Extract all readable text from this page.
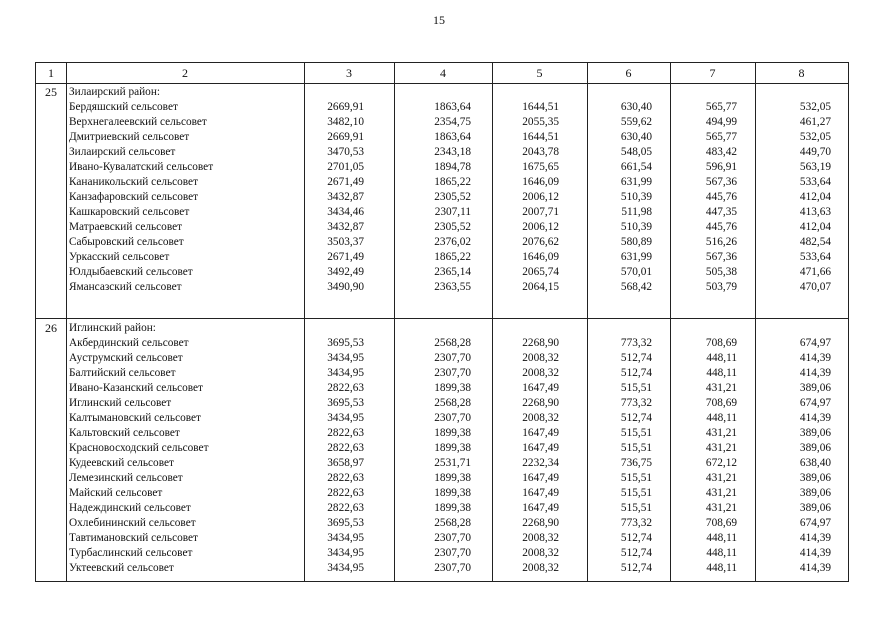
15
1	2	3	4	5	6	7	8
25	Зилаирский район:
Бердяшский сельсовет	2669,91	1863,64	1644,51	630,40	565,77	532,05
Верхнегалеевский сельсовет	3482,10	2354,75	2055,35	559,62	494,99	461,27
Дмитриевский сельсовет	2669,91	1863,64	1644,51	630,40	565,77	532,05
Зилаирский сельсовет	3470,53	2343,18	2043,78	548,05	483,42	449,70
Ивано-Кувалатский сельсовет	2701,05	1894,78	1675,65	661,54	596,91	563,19
Кананикольский сельсовет	2671,49	1865,22	1646,09	631,99	567,36	533,64
Канзафаровский сельсовет	3432,87	2305,52	2006,12	510,39	445,76	412,04
Кашкаровский сельсовет	3434,46	2307,11	2007,71	511,98	447,35	413,63
Матраевский сельсовет	3432,87	2305,52	2006,12	510,39	445,76	412,04
Сабыровский сельсовет	3503,37	2376,02	2076,62	580,89	516,26	482,54
Уркасский сельсовет	2671,49	1865,22	1646,09	631,99	567,36	533,64
Юлдыбаевский сельсовет	3492,49	2365,14	2065,74	570,01	505,38	471,66
Ямансазский сельсовет	3490,90	2363,55	2064,15	568,42	503,79	470,07
26	Иглинский район:
Акбердинский сельсовет	3695,53	2568,28	2268,90	773,32	708,69	674,97
Ауструмский сельсовет	3434,95	2307,70	2008,32	512,74	448,11	414,39
Балтийский сельсовет	3434,95	2307,70	2008,32	512,74	448,11	414,39
Ивано-Казанский сельсовет	2822,63	1899,38	1647,49	515,51	431,21	389,06
Иглинский сельсовет	3695,53	2568,28	2268,90	773,32	708,69	674,97
Калтымановский сельсовет	3434,95	2307,70	2008,32	512,74	448,11	414,39
Кальтовский сельсовет	2822,63	1899,38	1647,49	515,51	431,21	389,06
Красновосходский сельсовет	2822,63	1899,38	1647,49	515,51	431,21	389,06
Кудеевский сельсовет	3658,97	2531,71	2232,34	736,75	672,12	638,40
Лемезинский сельсовет	2822,63	1899,38	1647,49	515,51	431,21	389,06
Майский сельсовет	2822,63	1899,38	1647,49	515,51	431,21	389,06
Надеждинский сельсовет	2822,63	1899,38	1647,49	515,51	431,21	389,06
Охлебининский сельсовет	3695,53	2568,28	2268,90	773,32	708,69	674,97
Тавтимановский сельсовет	3434,95	2307,70	2008,32	512,74	448,11	414,39
Турбаслинский сельсовет	3434,95	2307,70	2008,32	512,74	448,11	414,39
Уктеевский сельсовет	3434,95	2307,70	2008,32	512,74	448,11	414,39
